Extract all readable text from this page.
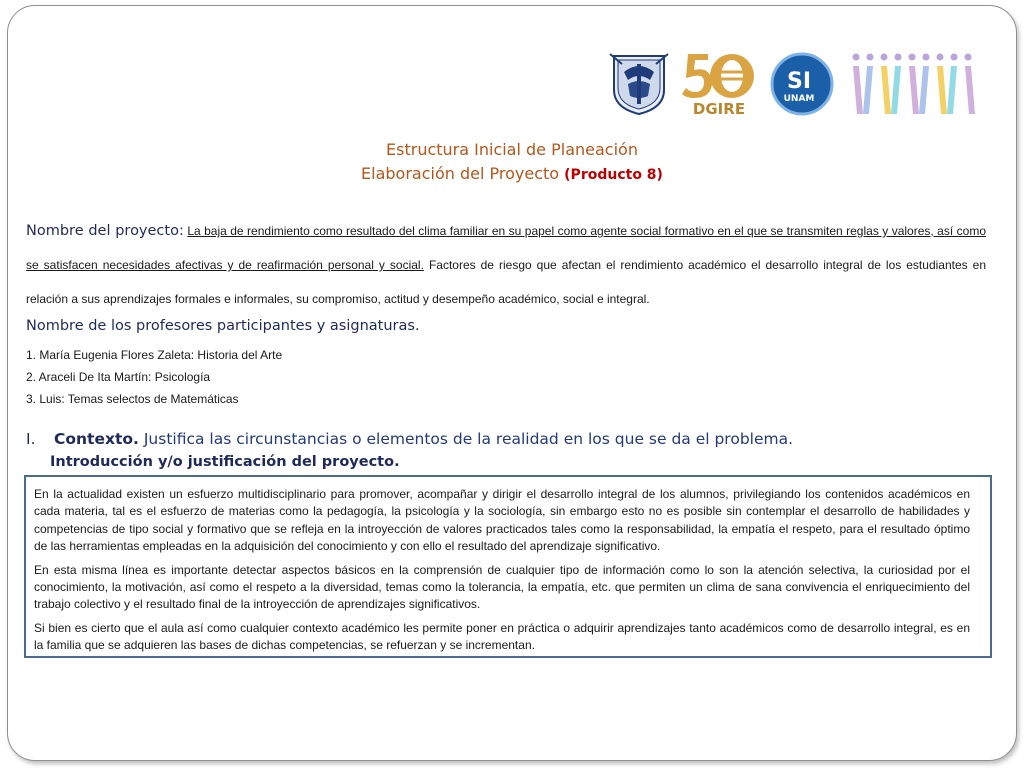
DGIRE
SI
UNAM
Estructura Inicial de Planeación
Elaboración del Proyecto (Producto 8)
Nombre del proyecto: La baja de rendimiento como resultado del clima familiar en su papel como agente social formativo en el que se transmiten reglas y valores, así como se satisfacen necesidades afectivas y de reafirmación personal y social. Factores de riesgo que afectan el rendimiento académico el desarrollo integral de los estudiantes en relación a sus aprendizajes formales e informales, su compromiso, actitud y desempeño académico, social e integral.
Nombre de los profesores participantes y asignaturas.
1. María Eugenia Flores Zaleta: Historia del Arte
2. Araceli De Ita Martín: Psicología
3. Luis: Temas selectos de Matemáticas
I. Contexto. Justifica las circunstancias o elementos de la realidad en los que se da el problema.
Introducción y/o justificación del proyecto.

En la actualidad existen un esfuerzo multidisciplinario para promover, acompañar y dirigir el desarrollo integral de los alumnos, privilegiando los contenidos académicos en cada materia, tal es el esfuerzo de materias como la pedagogía, la psicología y la sociología, sin embargo esto no es posible sin contemplar el desarrollo de habilidades y competencias de tipo social y formativo que se refleja en la introyección de valores practicados tales como la responsabilidad, la empatía el respeto, para el resultado óptimo de las herramientas empleadas en la adquisición del conocimiento y con ello el resultado del aprendizaje significativo.

En esta misma línea es importante detectar aspectos básicos en la comprensión de cualquier tipo de información como lo son la atención selectiva, la curiosidad por el conocimiento, la motivación, así como el respeto a la diversidad, temas como la tolerancia, la empatía, etc. que permiten un clima de sana convivencia el enriquecimiento del trabajo colectivo y el resultado final de la introyección de aprendizajes significativos.

Si bien es cierto que el aula así como cualquier contexto académico les permite poner en práctica o adquirir aprendizajes tanto académicos como de desarrollo integral, es en la familia que se adquieren las bases de dichas competencias, se refuerzan y se incrementan.
